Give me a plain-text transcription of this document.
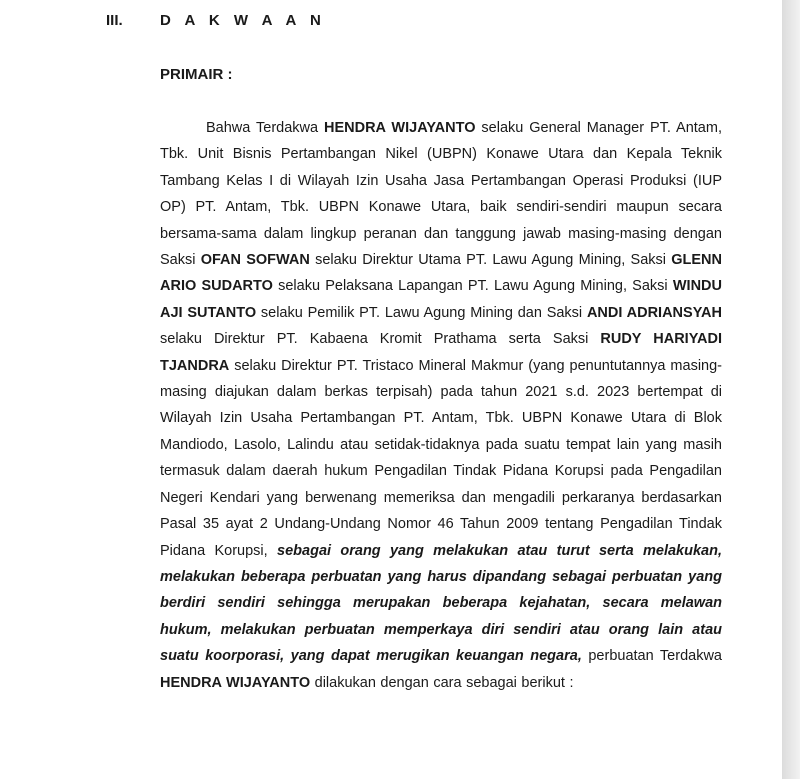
III. D A K W A A N
PRIMAIR :

Bahwa Terdakwa HENDRA WIJAYANTO selaku General Manager PT. Antam, Tbk. Unit Bisnis Pertambangan Nikel (UBPN) Konawe Utara dan Kepala Teknik Tambang Kelas I di Wilayah Izin Usaha Jasa Pertambangan Operasi Produksi (IUP OP) PT. Antam, Tbk. UBPN Konawe Utara, baik sendiri-sendiri maupun secara bersama-sama dalam lingkup peranan dan tanggung jawab masing-masing dengan Saksi OFAN SOFWAN selaku Direktur Utama PT. Lawu Agung Mining, Saksi GLENN ARIO SUDARTO selaku Pelaksana Lapangan PT. Lawu Agung Mining, Saksi WINDU AJI SUTANTO selaku Pemilik PT. Lawu Agung Mining dan Saksi ANDI ADRIANSYAH selaku Direktur PT. Kabaena Kromit Prathama serta Saksi RUDY HARIYADI TJANDRA selaku Direktur PT. Tristaco Mineral Makmur (yang penuntutannya masing-masing diajukan dalam berkas terpisah) pada tahun 2021 s.d. 2023 bertempat di Wilayah Izin Usaha Pertambangan PT. Antam, Tbk. UBPN Konawe Utara di Blok Mandiodo, Lasolo, Lalindu atau setidak-tidaknya pada suatu tempat lain yang masih termasuk dalam daerah hukum Pengadilan Tindak Pidana Korupsi pada Pengadilan Negeri Kendari yang berwenang memeriksa dan mengadili perkaranya berdasarkan Pasal 35 ayat 2 Undang-Undang Nomor 46 Tahun 2009 tentang Pengadilan Tindak Pidana Korupsi, sebagai orang yang melakukan atau turut serta melakukan, melakukan beberapa perbuatan yang harus dipandang sebagai perbuatan yang berdiri sendiri sehingga merupakan beberapa kejahatan, secara melawan hukum, melakukan perbuatan memperkaya diri sendiri atau orang lain atau suatu koorporasi, yang dapat merugikan keuangan negara, perbuatan Terdakwa HENDRA WIJAYANTO dilakukan dengan cara sebagai berikut :
